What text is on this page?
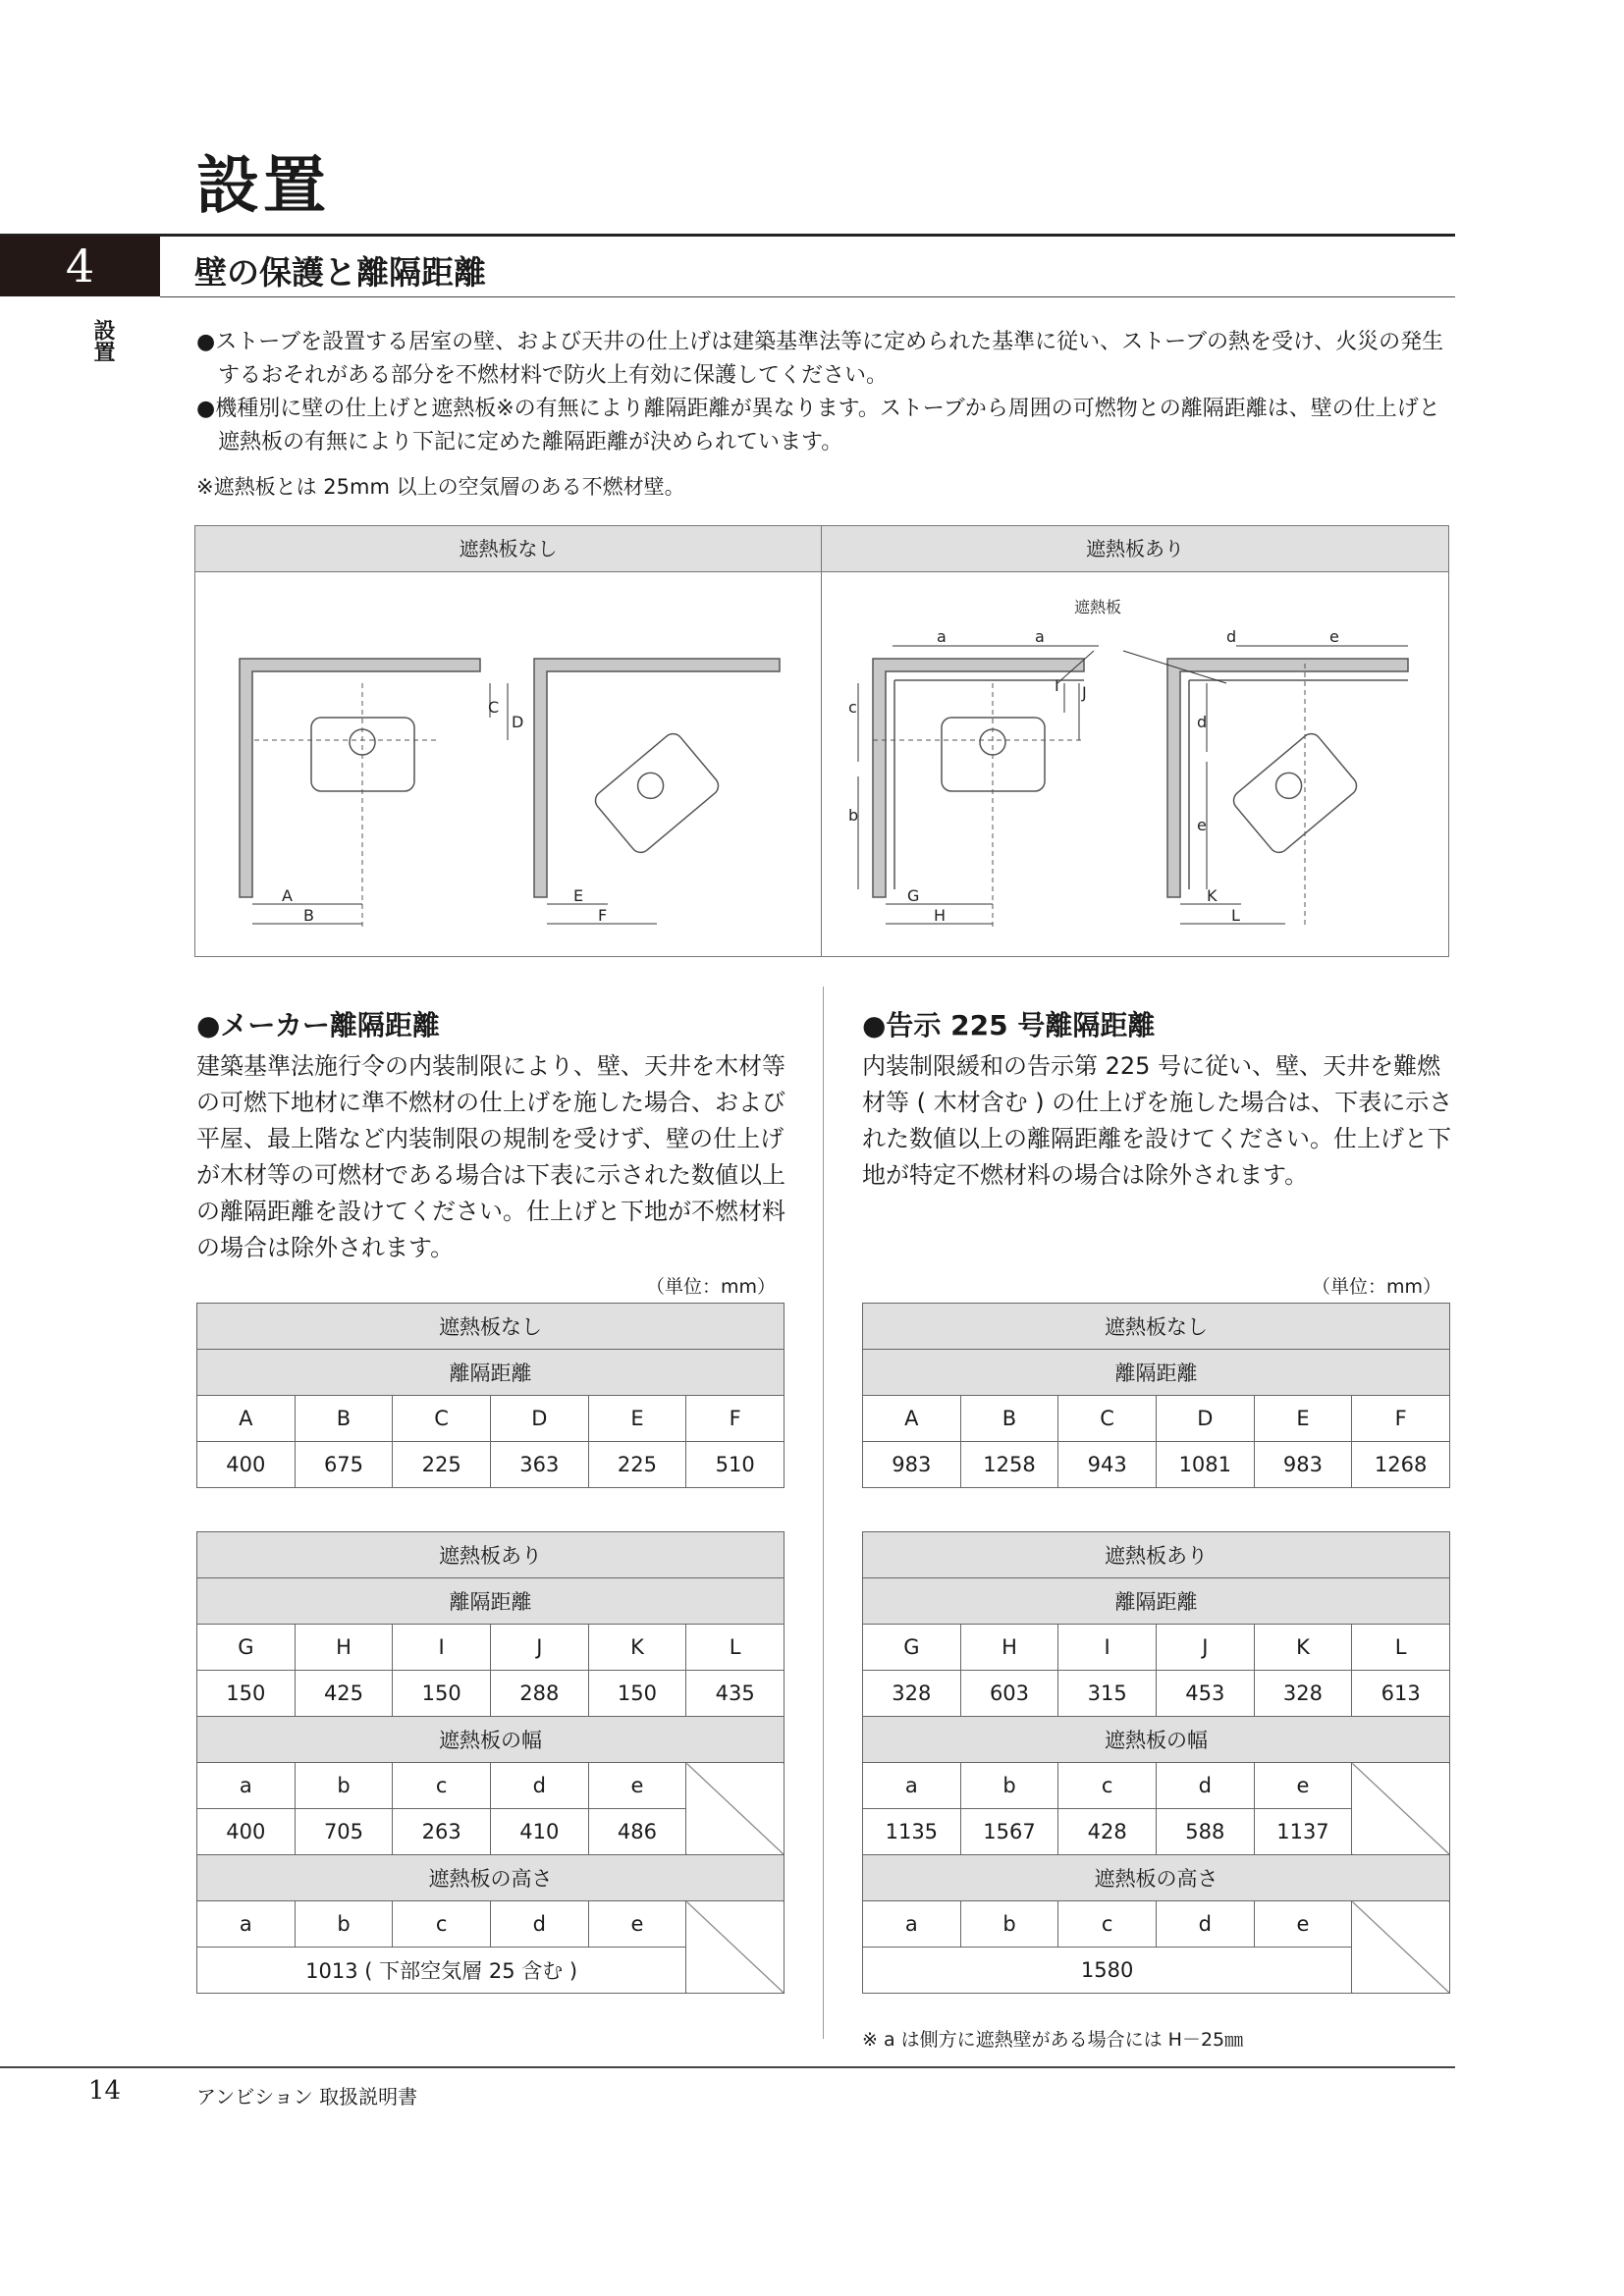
設置
4	壁の保護と離隔距離
設置	●ストーブを設置する居室の壁、および天井の仕上げは建築基準法等に定められた基準に従い、ストーブの熱を受け、火災の発生するおそれがある部分を不燃材料で防火上有効に保護してください。

●機種別に壁の仕上げと遮熱板※の有無により離隔距離が異なります。ストーブから周囲の可燃物との離隔距離は、壁の仕上げと遮熱板の有無により下記に定めた離隔距離が決められています。

※遮熱板とは 25mm 以上の空気層のある不燃材壁。
遮熱板なし	遮熱板あり
A
B
C
D
E
F
遮熱板
a	a
c
b
I J
d	e
d
e
G
H
K
L
●メーカー離隔距離
建築基準法施行令の内装制限により、壁、天井を木材等の可燃下地材に準不燃材の仕上げを施した場合、および平屋、最上階など内装制限の規制を受けず、壁の仕上げが木材等の可燃材である場合は下表に示された数値以上の離隔距離を設けてください。仕上げと下地が不燃材料の場合は除外されます。
（単位：mm）
遮熱板なし					
離隔距離					
A	B	C	D	E	F
400	675	225	363	225	510
遮熱板あり					
離隔距離					
G	H	I	J	K	L
150	425	150	288	150	435
遮熱板の幅					
a	b	c	d	e	
400	705	263	410	486	
遮熱板の高さ					
a	b	c	d	e	
1013 ( 下部空気層 25 含む )					
●告示 225 号離隔距離
内装制限緩和の告示第 225 号に従い、壁、天井を難燃材等 ( 木材含む ) の仕上げを施した場合は、下表に示された数値以上の離隔距離を設けてください。仕上げと下地が特定不燃材料の場合は除外されます。
（単位：mm）
遮熱板なし					
離隔距離					
A	B	C	D	E	F
983	1258	943	1081	983	1268
遮熱板あり					
離隔距離					
G	H	I	J	K	L
328	603	315	453	328	613
遮熱板の幅					
a	b	c	d	e	
1135	1567	428	588	1137	
遮熱板の高さ					
a	b	c	d	e	
1580					
※ a は側方に遮熱壁がある場合には H－25㎜
14	アンビション 取扱説明書
